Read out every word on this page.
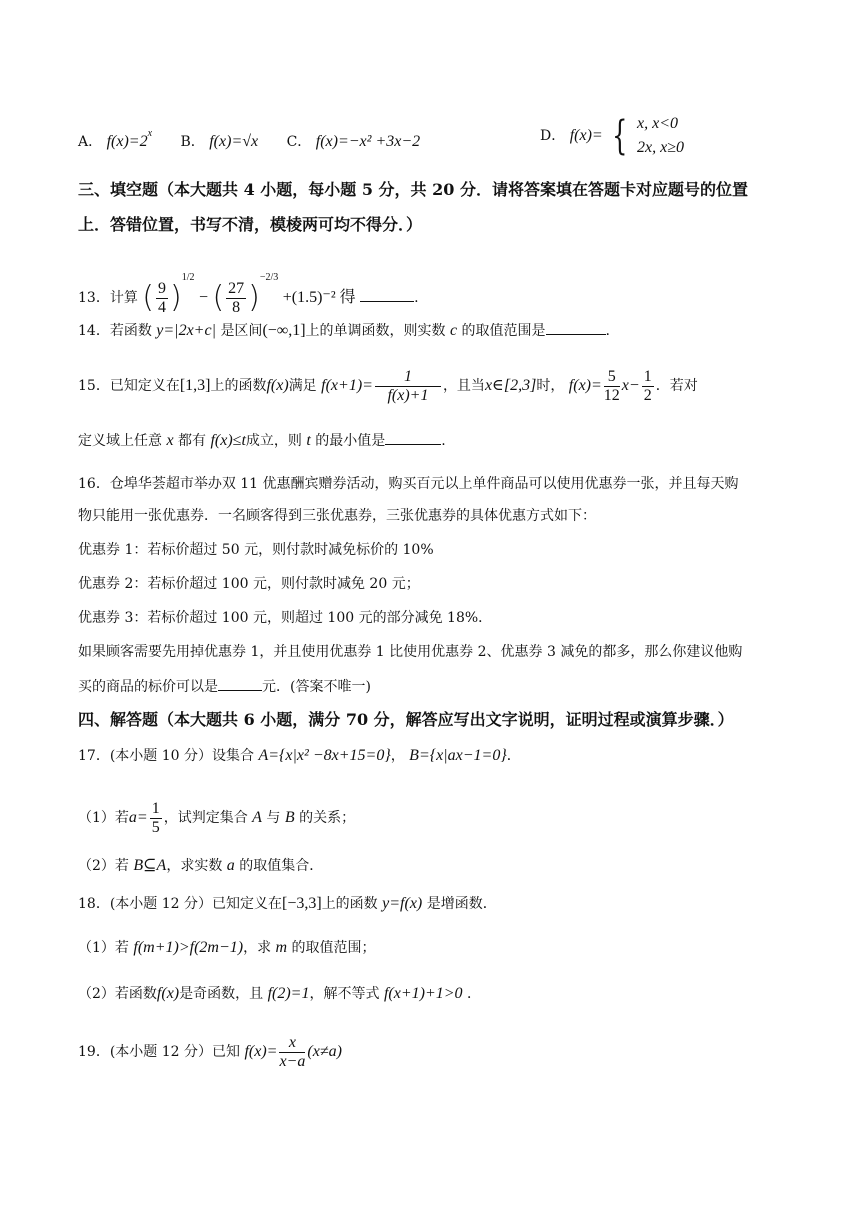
A． $f(x)=2^x$ B． f(x)=√x C． f(x)=−x² +3x−2	D． f(x)= { x, x<0
2x, x≥0
三、填空题（本大题共 4 小题，每小题 5 分，共 20 分．请将答案填在答题卡对应题号的位置
上．答错位置，书写不清，模棱两可均不得分．）
13．计算 ( $\frac{9}{4} )^{1/2}$ − ( $\frac{27}{8} )^{-2/3} +(1.5)^{-2}$ 得	.
14．若函数 y=|2x+c| 是区间(−∞,1]上的单调函数，则实数 c 的取值范围是	.
15．已知定义在[1,3]上的函数f(x)满足 $f(x+1)= \frac{1}{f(x)+1}$ ，且当x∈[2,3]时， $f(x)= \frac{5}{12} x- \frac{1}{2}$ ．若对
定义域上任意 x 都有 f(x)≤t成立，则 t 的最小值是	.
16．仓埠华荟超市举办双 11 优惠酬宾赠券活动，购买百元以上单件商品可以使用优惠券一张，并且每天购
物只能用一张优惠券．一名顾客得到三张优惠券，三张优惠券的具体优惠方式如下：
优惠券 1：若标价超过 50 元，则付款时减免标价的 10%
优惠券 2：若标价超过 100 元，则付款时减免 20 元；
优惠券 3：若标价超过 100 元，则超过 100 元的部分减免 18%．
如果顾客需要先用掉优惠券 1，并且使用优惠券 1 比使用优惠券 2、优惠券 3 减免的都多，那么你建议他购
买的商品的标价可以是	元．(答案不唯一)
四、解答题（本大题共 6 小题，满分 70 分，解答应写出文字说明，证明过程或演算步骤．）
17．(本小题 10 分）设集合 A={x|x² −8x+15=0}， B={x|ax−1=0}．
（1）若$a= \frac{1}{5}$ ，试判定集合 A 与 B 的关系；
（2）若 B⊆A，求实数 a 的取值集合．
18．(本小题 12 分）已知定义在[−3,3]上的函数 y=f(x) 是增函数．
（1）若 f(m+1)>f(2m−1)，求 m 的取值范围；
（2）若函数f(x)是奇函数，且 f(2)=1，解不等式 f(x+1)+1>0 ．
19．(本小题 12 分）已知 $f(x)= \frac{x}{x-a} (x\ne a)$
